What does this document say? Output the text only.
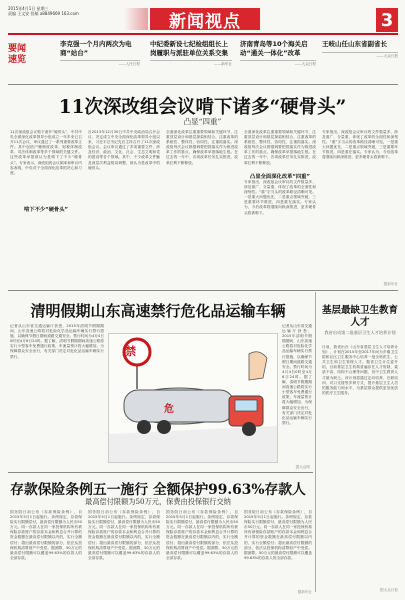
2015年4月1日 星期三
责编 王文安 投稿 a8849669 163.com	新闻视点	3
要闻速览
李克强一个月内两次为电商“站台”
——人民日报
中纪委新设七纪检组组长上岗履职与派驻单位关系交集
——新华社
济南青岛等10个海关启动“通关一体化”改革
——大众日报
王岐山任山东省副省长
——大众日报
11次深改组会议啃下诸多“硬骨头”
凸显“四重”
11次深改组会议啃下诸多“硬骨头”，中共中央全面深化改革领导小组成立一年多来已召开11次会议，审议通过了一系列重要改革文件。其中包括户籍制度改革、财税体制改革、司法体制改革等多个领域的关键文件。这些改革举措被认为是啃下了不少“硬骨头”。专家表示，深改组的会议频率和审议内容表明，中央对于全面深化改革的决心和力度。
啃下不少“硬骨头”
自2013年12月30日中共中央政治局召开会议，决定成立中央全面深化改革领导小组以来，习近平总书记先后主持召开了11次深改组会议。会议审议通过了多项重要文件，涉及经济、政治、文化、社会、生态文明和党的建设等各个领域。其中，不少改革文件触及深层次利益格局调整，被认为是改革中的硬骨头。
全面深化改革注重重要领域和关键环节，注重顶层设计和基层探索相结合，注重改革的系统性、整体性、协同性，注重抓落实。深改组每次会议都强调要把抓落实作为推进改革工作的重点，确保改革举措落地生根。在过去的一年中，各项改革任务扎实推进，改革红利不断释放。
凸显全面深化改革“四重”
全面深化改革注重重要领域和关键环节，注重顶层设计和基层探索相结合，注重改革的系统性、整体性、协同性，注重抓落实。深改组每次会议都强调要把抓落实作为推进改革工作的重点，确保改革举措落地生根。在过去的一年中，各项改革任务扎实推进，改革红利不断释放。
专家指出，深改组会议审议的文件数量多、涉及面广、分量重，体现了改革的全面性和深刻性。“重”字当头的改革路径清晰可见。一是重大问题优先，二是重点领域突破，三是重要环节推进，四是重在落实。专家认为，今后改革将继续向纵深推进，更多硬骨头将被啃下。
专家指出，深改组会议审议的文件数量多、涉及面广、分量重，体现了改革的全面性和深刻性。“重”字当头的改革路径清晰可见。一是重大问题优先，二是重点领域突破，三是重要环节推进，四是重在落实。专家认为，今后改革将继续向纵深推进，更多硬骨头将被啃下。
据新华社
清明假期山东高速禁行危化品运输车辆
记者从山东省交通运输厅获悉，2015年清明节假期期间，山东高速公路将对危险化学品运输车辆实行禁行措施，以确保节假日期间道路交通安全。禁行时间为4月4日0时至4月6日24时。据了解，清明节假期期间高速公路将实行小型客车免费通行政策，车流量预计将大幅增加，为保障群众安全出行，有关部门决定对危化品运输车辆实行禁行。
危
禁
记者从山东省交通运输厅获悉，2015年清明节假期期间，山东高速公路将对危险化学品运输车辆实行禁行措施，以确保节假日期间道路交通安全。禁行时间为4月4日0时至4月6日24时。据了解，清明节假期期间高速公路将实行小型客车免费通行政策，车流量预计将大幅增加，为保障群众安全出行，有关部门决定对危化品运输车辆实行禁行。
据大众网
存款保险条例五一施行 全额保护99.63%存款人
最高偿付限额为50万元，保费由投保银行交纳
国务院日前公布《存款保险条例》，自2015年5月1日起施行。条例规定，存款保险实行限额偿付，最高偿付限额为人民币50万元。同一存款人在同一家投保机构所有被保险存款账户的存款本金和利息合并计算的资金数额在最高偿付限额以内的，实行全额偿付；超出最高偿付限额的部分，依法从投保机构清算财产中受偿。据测算，50万元的最高偿付限额可以覆盖99.63%的存款人的全部存款。
国务院日前公布《存款保险条例》，自2015年5月1日起施行。条例规定，存款保险实行限额偿付，最高偿付限额为人民币50万元。同一存款人在同一家投保机构所有被保险存款账户的存款本金和利息合并计算的资金数额在最高偿付限额以内的，实行全额偿付；超出最高偿付限额的部分，依法从投保机构清算财产中受偿。据测算，50万元的最高偿付限额可以覆盖99.63%的存款人的全部存款。
国务院日前公布《存款保险条例》，自2015年5月1日起施行。条例规定，存款保险实行限额偿付，最高偿付限额为人民币50万元。同一存款人在同一家投保机构所有被保险存款账户的存款本金和利息合并计算的资金数额在最高偿付限额以内的，实行全额偿付；超出最高偿付限额的部分，依法从投保机构清算财产中受偿。据测算，50万元的最高偿付限额可以覆盖99.63%的存款人的全部存款。
国务院日前公布《存款保险条例》，自2015年5月1日起施行。条例规定，存款保险实行限额偿付，最高偿付限额为人民币50万元。同一存款人在同一家投保机构所有被保险存款账户的存款本金和利息合并计算的资金数额在最高偿付限额以内的，实行全额偿付；超出最高偿付限额的部分，依法从投保机构清算财产中受偿。据测算，50万元的最高偿付限额可以覆盖99.63%的存款人的全部存款。
据新华社
基层最缺卫生教育人才
我省启动第二批基层卫生人才培养计划
日前，我省出台《山东省基层卫生人才培养计划》，计划在2015年至2017年间为乡镇卫生院和社区卫生服务中心培养一批全科医生、公共卫生和卫生管理人才。据省卫生计生委介绍，目前基层卫生机构普遍存在人才短缺、素质不高、结构不合理等问题，其中卫生教育人才最为缺乏。该计划将通过定向培养、在职培训、对口支援等多种方式，提升基层卫生人员的服务能力和水平，为基层群众提供更加优质的医疗卫生服务。
据大众日报
